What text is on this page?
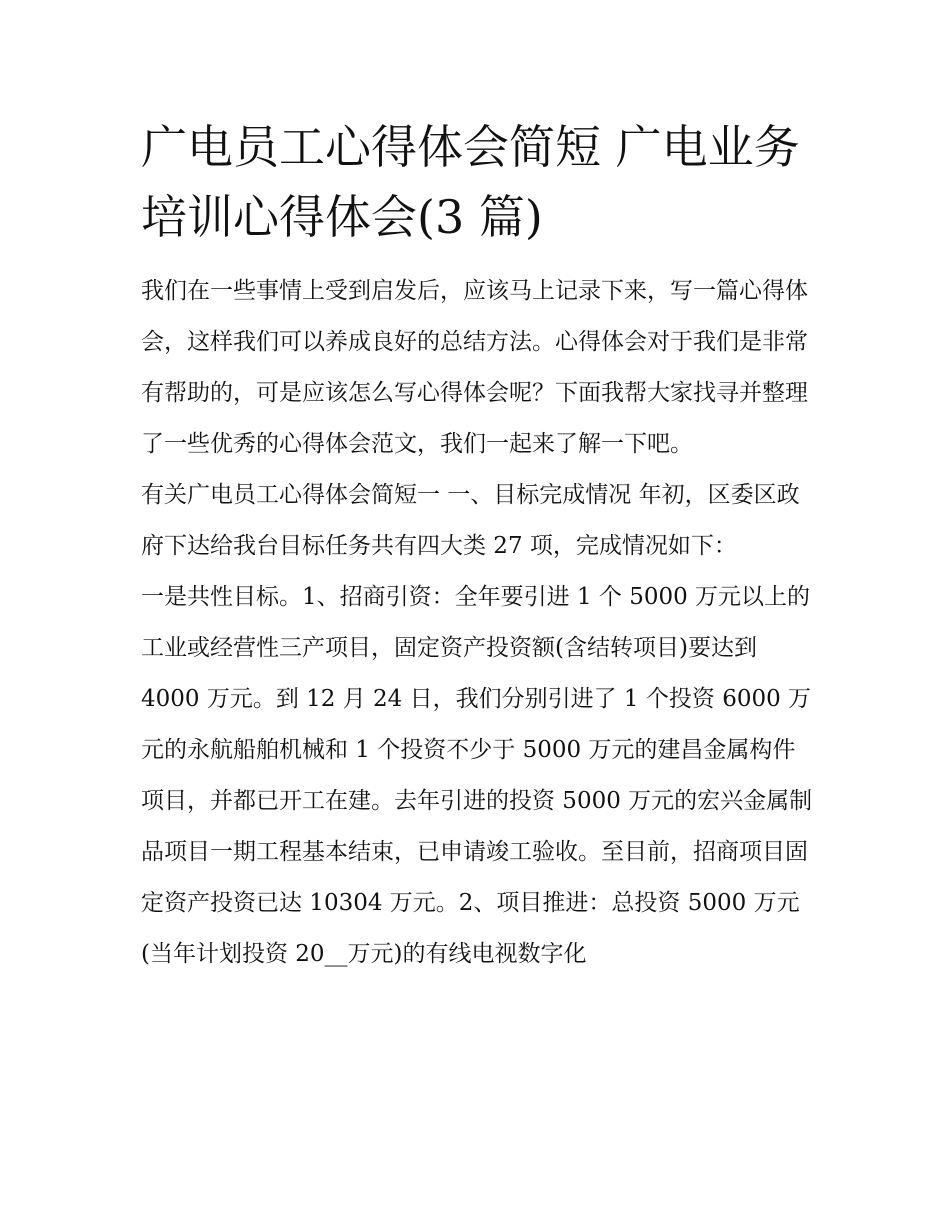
广电员工心得体会简短 广电业务培训心得体会(3 篇)

我们在一些事情上受到启发后，应该马上记录下来，写一篇心得体会，这样我们可以养成良好的总结方法。心得体会对于我们是非常有帮助的，可是应该怎么写心得体会呢？下面我帮大家找寻并整理了一些优秀的心得体会范文，我们一起来了解一下吧。

有关广电员工心得体会简短一 一、目标完成情况 年初，区委区政府下达给我台目标任务共有四大类 27 项，完成情况如下：

一是共性目标。1、招商引资：全年要引进 1 个 5000 万元以上的工业或经营性三产项目，固定资产投资额(含结转项目)要达到 4000 万元。到 12 月 24 日，我们分别引进了 1 个投资 6000 万元的永航船舶机械和 1 个投资不少于 5000 万元的建昌金属构件项目，并都已开工在建。去年引进的投资 5000 万元的宏兴金属制品项目一期工程基本结束，已申请竣工验收。至目前，招商项目固定资产投资已达 10304 万元。2、项目推进：总投资 5000 万元(当年计划投资 20__万元)的有线电视数字化
